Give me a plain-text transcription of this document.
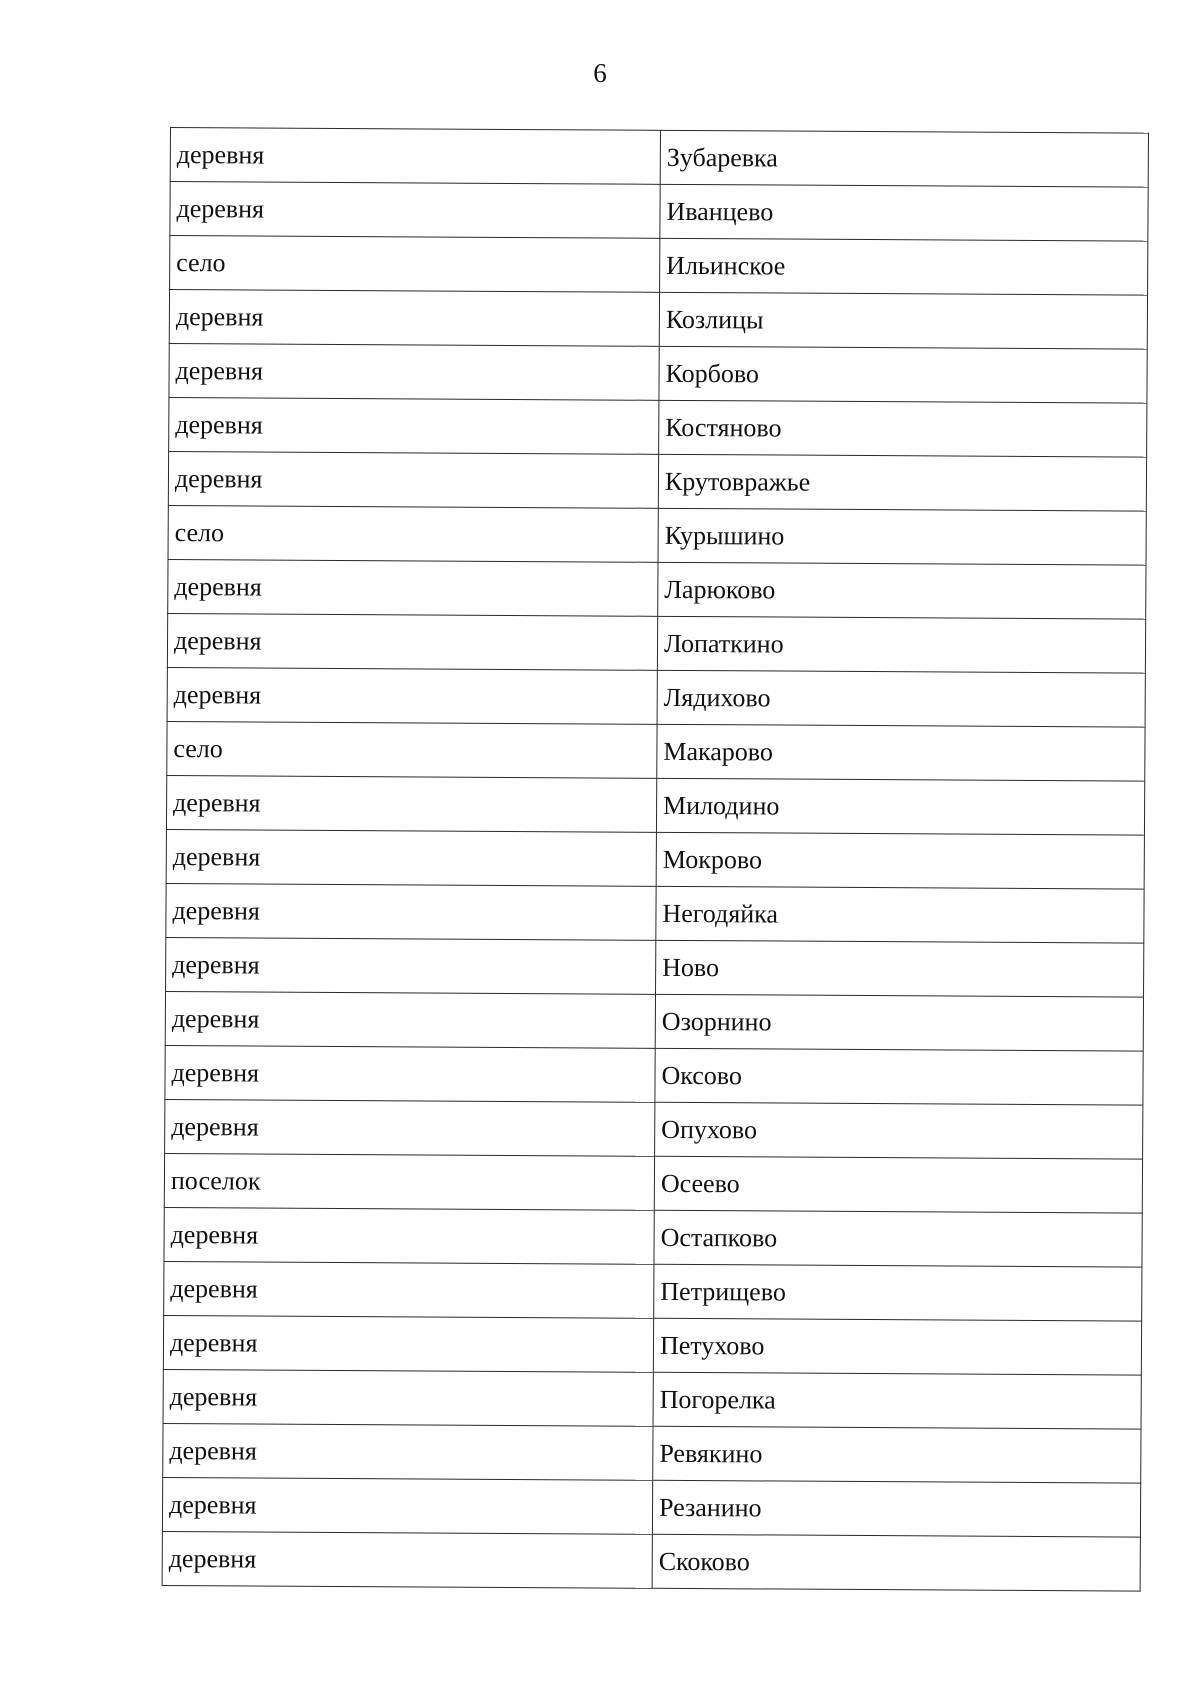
6
деревня	Зубаревка
деревня	Иванцево
село	Ильинское
деревня	Козлицы
деревня	Корбово
деревня	Костяново
деревня	Крутовражье
село	Курышино
деревня	Ларюково
деревня	Лопаткино
деревня	Лядихово
село	Макарово
деревня	Милодино
деревня	Мокрово
деревня	Негодяйка
деревня	Ново
деревня	Озорнино
деревня	Оксово
деревня	Опухово
поселок	Осеево
деревня	Остапково
деревня	Петрищево
деревня	Петухово
деревня	Погорелка
деревня	Ревякино
деревня	Резанино
деревня	Скоково
